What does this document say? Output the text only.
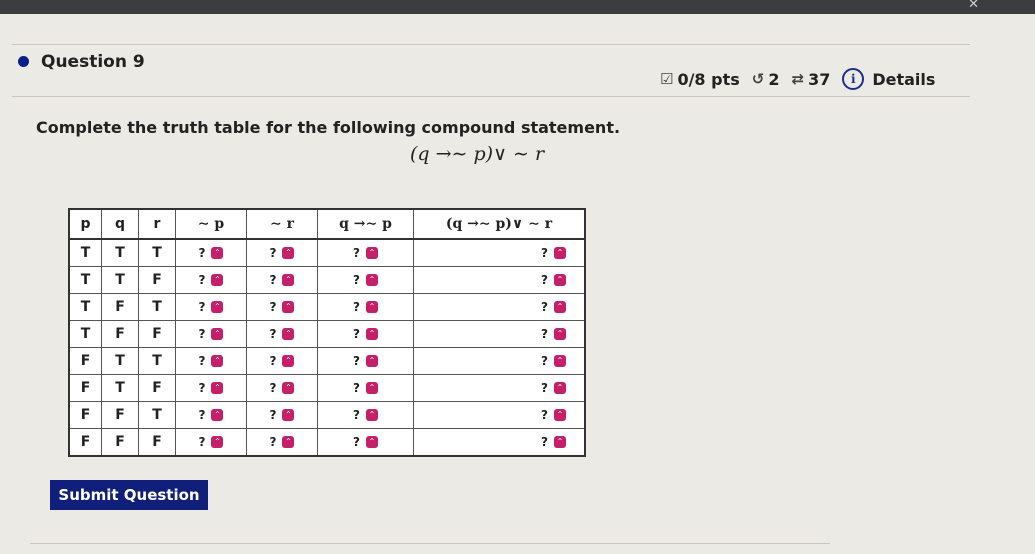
✕
Question 9
☑ 0/8 pts ↺ 2 ⇄ 37	i	Details
Complete the truth table for the following compound statement.
(q →∼ p)∨ ∼ r
p	q	r	∼ p	∼ r	q →∼ p	(q →∼ p)∨ ∼ r
T	T	T	? ⌃	? ⌃	? ⌃	? ⌃

T	T	F	? ⌃	? ⌃	? ⌃	? ⌃

T	F	T	? ⌃	? ⌃	? ⌃	? ⌃

T	F	F	? ⌃	? ⌃	? ⌃	? ⌃

F	T	T	? ⌃	? ⌃	? ⌃	? ⌃

F	T	F	? ⌃	? ⌃	? ⌃	? ⌃

F	F	T	? ⌃	? ⌃	? ⌃	? ⌃

F	F	F	? ⌃	? ⌃	? ⌃	? ⌃
Submit Question
